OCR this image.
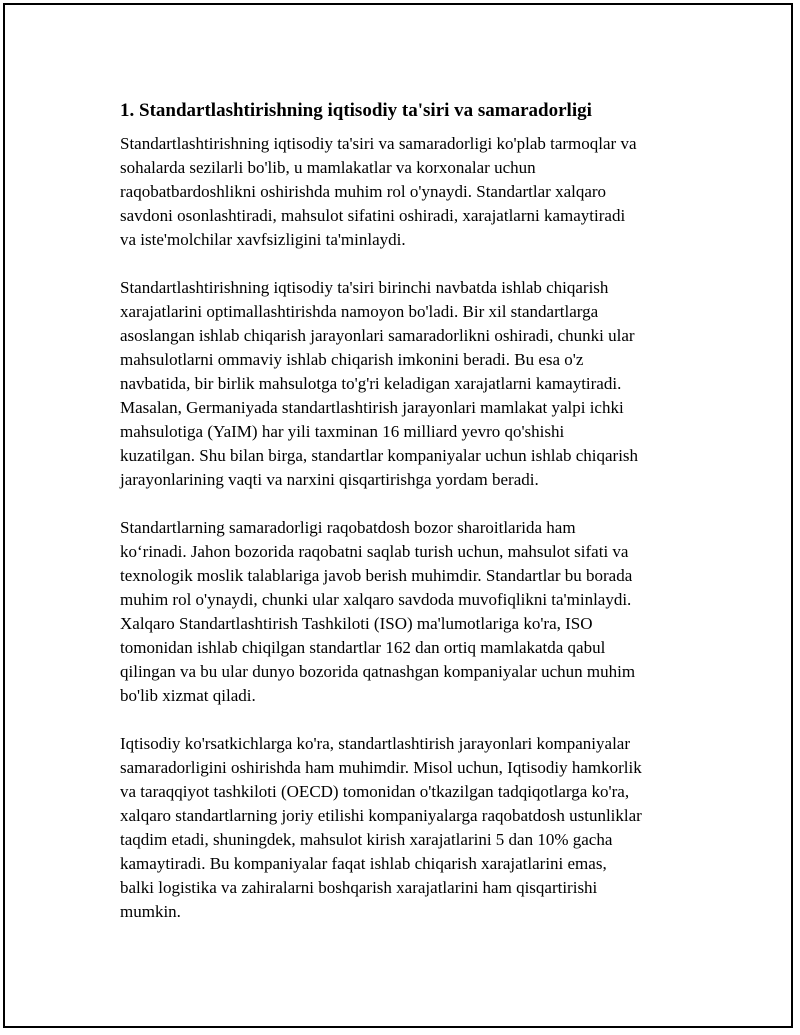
1. Standartlashtirishning iqtisodiy ta'siri va samaradorligi

Standartlashtirishning iqtisodiy ta'siri va samaradorligi ko'plab tarmoqlar va
sohalarda sezilarli bo'lib, u mamlakatlar va korxonalar uchun
raqobatbardoshlikni oshirishda muhim rol o'ynaydi. Standartlar xalqaro
savdoni osonlashtiradi, mahsulot sifatini oshiradi, xarajatlarni kamaytiradi
va iste'molchilar xavfsizligini ta'minlaydi.

Standartlashtirishning iqtisodiy ta'siri birinchi navbatda ishlab chiqarish
xarajatlarini optimallashtirishda namoyon bo'ladi. Bir xil standartlarga
asoslangan ishlab chiqarish jarayonlari samaradorlikni oshiradi, chunki ular
mahsulotlarni ommaviy ishlab chiqarish imkonini beradi. Bu esa o'z
navbatida, bir birlik mahsulotga to'g'ri keladigan xarajatlarni kamaytiradi.
Masalan, Germaniyada standartlashtirish jarayonlari mamlakat yalpi ichki
mahsulotiga (YaIM) har yili taxminan 16 milliard yevro qo'shishi
kuzatilgan. Shu bilan birga, standartlar kompaniyalar uchun ishlab chiqarish
jarayonlarining vaqti va narxini qisqartirishga yordam beradi.

Standartlarning samaradorligi raqobatdosh bozor sharoitlarida ham
ko‘rinadi. Jahon bozorida raqobatni saqlab turish uchun, mahsulot sifati va
texnologik moslik talablariga javob berish muhimdir. Standartlar bu borada
muhim rol o'ynaydi, chunki ular xalqaro savdoda muvofiqlikni ta'minlaydi.
Xalqaro Standartlashtirish Tashkiloti (ISO) ma'lumotlariga ko'ra, ISO
tomonidan ishlab chiqilgan standartlar 162 dan ortiq mamlakatda qabul
qilingan va bu ular dunyo bozorida qatnashgan kompaniyalar uchun muhim
bo'lib xizmat qiladi.

Iqtisodiy ko'rsatkichlarga ko'ra, standartlashtirish jarayonlari kompaniyalar
samaradorligini oshirishda ham muhimdir. Misol uchun, Iqtisodiy hamkorlik
va taraqqiyot tashkiloti (OECD) tomonidan o'tkazilgan tadqiqotlarga ko'ra,
xalqaro standartlarning joriy etilishi kompaniyalarga raqobatdosh ustunliklar
taqdim etadi, shuningdek, mahsulot kirish xarajatlarini 5 dan 10% gacha
kamaytiradi. Bu kompaniyalar faqat ishlab chiqarish xarajatlarini emas,
balki logistika va zahiralarni boshqarish xarajatlarini ham qisqartirishi
mumkin.
